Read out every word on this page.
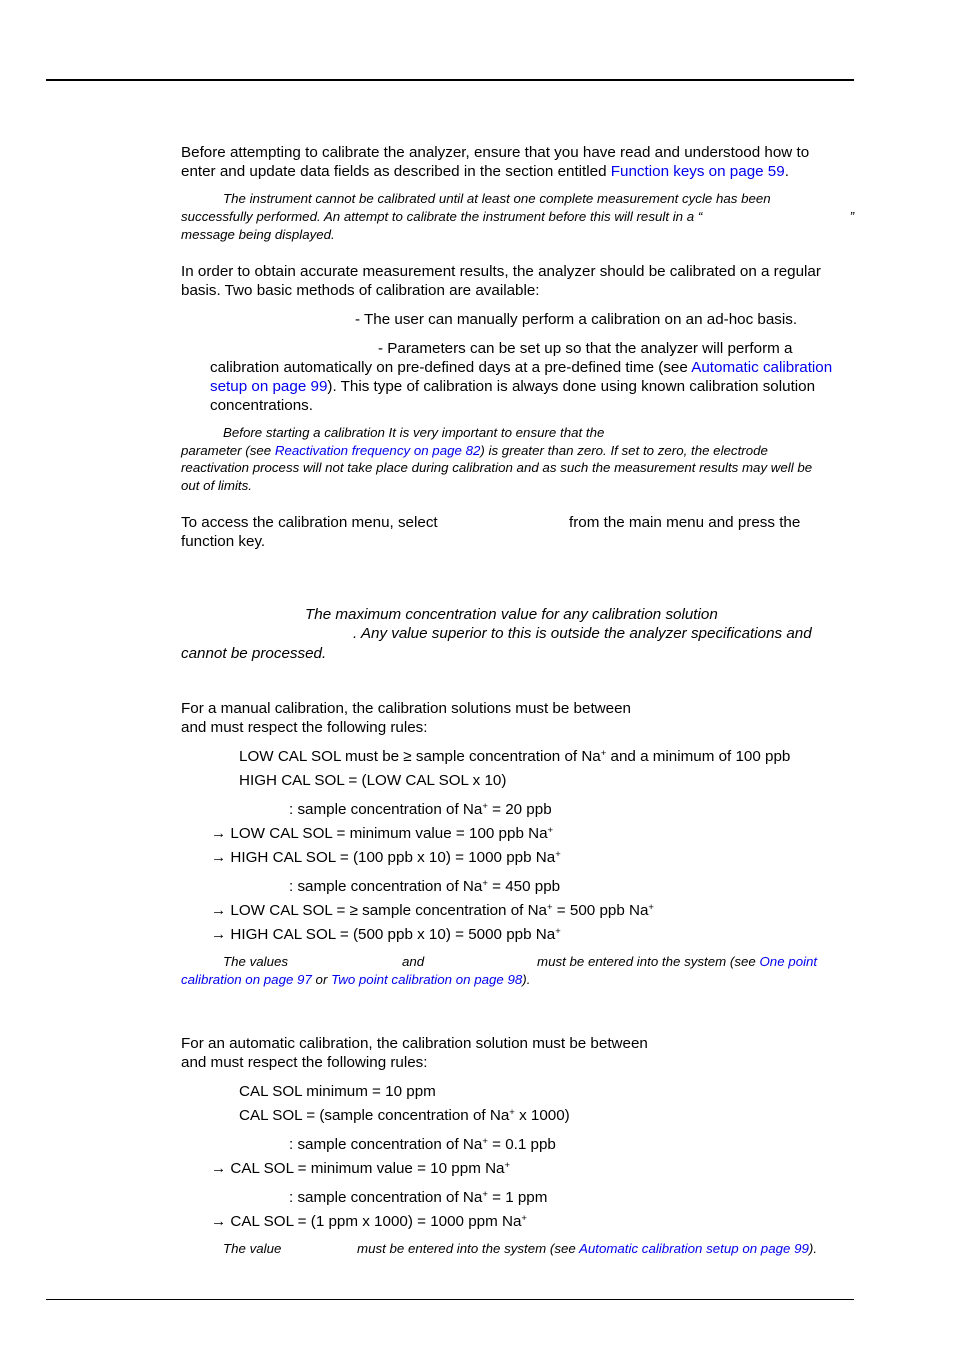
Before attempting to calibrate the analyzer, ensure that you have read and understood how to
enter and update data fields as described in the section entitled Function keys on page 59.
The instrument cannot be calibrated until at least one complete measurement cycle has been
successfully performed. An attempt to calibrate the instrument before this will result in a “	”
message being displayed.
In order to obtain accurate measurement results, the analyzer should be calibrated on a regular
basis. Two basic methods of calibration are available:
- The user can manually perform a calibration on an ad-hoc basis.
- Parameters can be set up so that the analyzer will perform a
calibration automatically on pre-defined days at a pre-defined time (see Automatic calibration
setup on page 99). This type of calibration is always done using known calibration solution
concentrations.
Before starting a calibration It is very important to ensure that the
parameter (see Reactivation frequency on page 82) is greater than zero. If set to zero, the electrode
reactivation process will not take place during calibration and as such the measurement results may well be
out of limits.
To access the calibration menu, select	from the main menu and press the
function key.
The maximum concentration value for any calibration solution
. Any value superior to this is outside the analyzer specifications and
cannot be processed.
For a manual calibration, the calibration solutions must be between
and must respect the following rules:
LOW CAL SOL must be ≥ sample concentration of Na+ and a minimum of 100 ppb
HIGH CAL SOL = (LOW CAL SOL x 10)
: sample concentration of Na+ = 20 ppb
→ LOW CAL SOL = minimum value = 100 ppb Na+
→ HIGH CAL SOL = (100 ppb x 10) = 1000 ppb Na+
: sample concentration of Na+ = 450 ppb
→ LOW CAL SOL = ≥ sample concentration of Na+ = 500 ppb Na+
→ HIGH CAL SOL = (500 ppb x 10) = 5000 ppb Na+
The values	and	must be entered into the system (see One point
calibration on page 97 or Two point calibration on page 98).
For an automatic calibration, the calibration solution must be between
and must respect the following rules:
CAL SOL minimum = 10 ppm
CAL SOL = (sample concentration of Na+ x 1000)
: sample concentration of Na+ = 0.1 ppb
→ CAL SOL = minimum value = 10 ppm Na+
: sample concentration of Na+ = 1 ppm
→ CAL SOL = (1 ppm x 1000) = 1000 ppm Na+
The value	must be entered into the system (see Automatic calibration setup on page 99).
